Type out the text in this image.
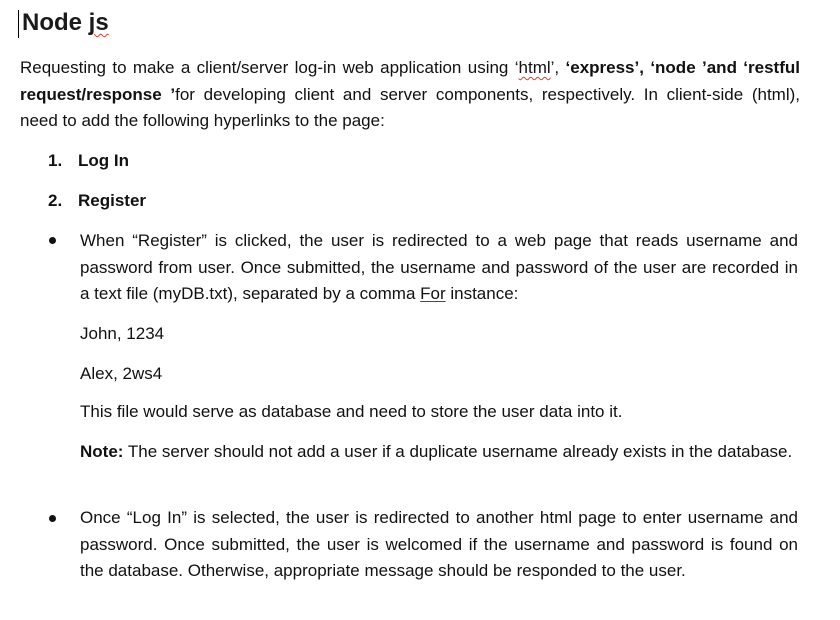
Node js
Requesting to make a client/server log-in web application using ‘html’, ‘express’, ‘node ’and ‘restful request/response ’for developing client and server components, respectively. In client-side (html), need to add the following hyperlinks to the page:
1. Log In
2. Register
When “Register” is clicked, the user is redirected to a web page that reads username and password from user. Once submitted, the username and password of the user are recorded in a text file (myDB.txt), separated by a comma For instance:
John, 1234
Alex, 2ws4
This file would serve as database and need to store the user data into it.
Note: The server should not add a user if a duplicate username already exists in the database.
Once “Log In” is selected, the user is redirected to another html page to enter username and password. Once submitted, the user is welcomed if the username and password is found on the database. Otherwise, appropriate message should be responded to the user.
